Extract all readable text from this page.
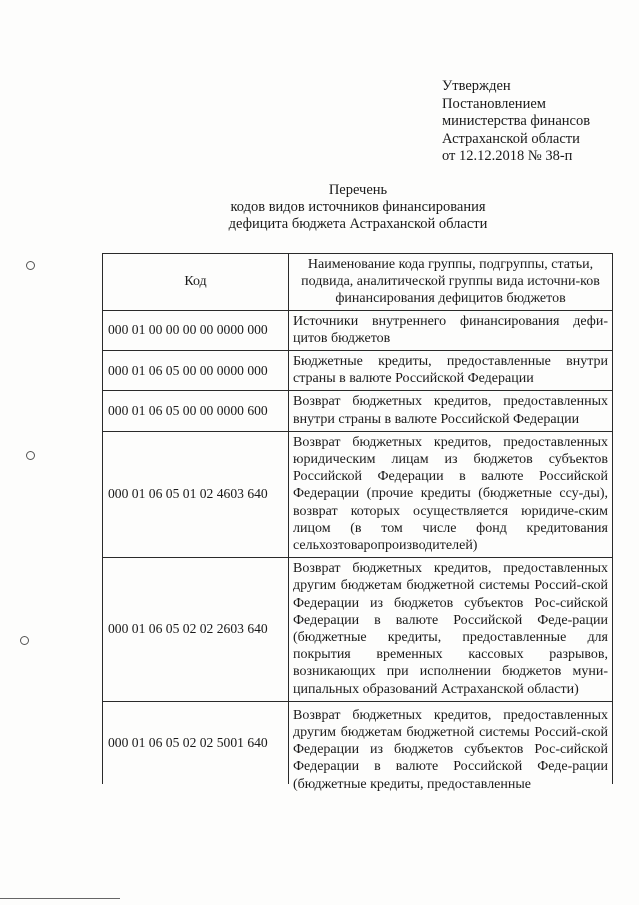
Утвержден
Постановлением
министерства финансов
Астраханской области
от 12.12.2018 № 38-п
Перечень
кодов видов источников финансирования
дефицита бюджета Астраханской области
Код	Наименование кода группы, подгруппы, статьи, подвида, аналитической группы вида источни-ков финансирования дефицитов бюджетов
000 01 00 00 00 00 0000 000	Источники внутреннего финансирования дефи-цитов бюджетов
000 01 06 05 00 00 0000 000	Бюджетные кредиты, предоставленные внутри страны в валюте Российской Федерации
000 01 06 05 00 00 0000 600	Возврат бюджетных кредитов, предоставленных внутри страны в валюте Российской Федерации
000 01 06 05 01 02 4603 640	Возврат бюджетных кредитов, предоставленных юридическим лицам из бюджетов субъектов Российской Федерации в валюте Российской Федерации (прочие кредиты (бюджетные ссу-ды), возврат которых осуществляется юридиче-ским лицом (в том числе фонд кредитования сельхозтоваропроизводителей)
000 01 06 05 02 02 2603 640	Возврат бюджетных кредитов, предоставленных другим бюджетам бюджетной системы Россий-ской Федерации из бюджетов субъектов Рос-сийской Федерации в валюте Российской Феде-рации (бюджетные кредиты, предоставленные для покрытия временных кассовых разрывов, возникающих при исполнении бюджетов муни-ципальных образований Астраханской области)
000 01 06 05 02 02 5001 640	Возврат бюджетных кредитов, предоставленных другим бюджетам бюджетной системы Россий-ской Федерации из бюджетов субъектов Рос-сийской Федерации в валюте Российской Феде-рации (бюджетные кредиты, предоставленные
